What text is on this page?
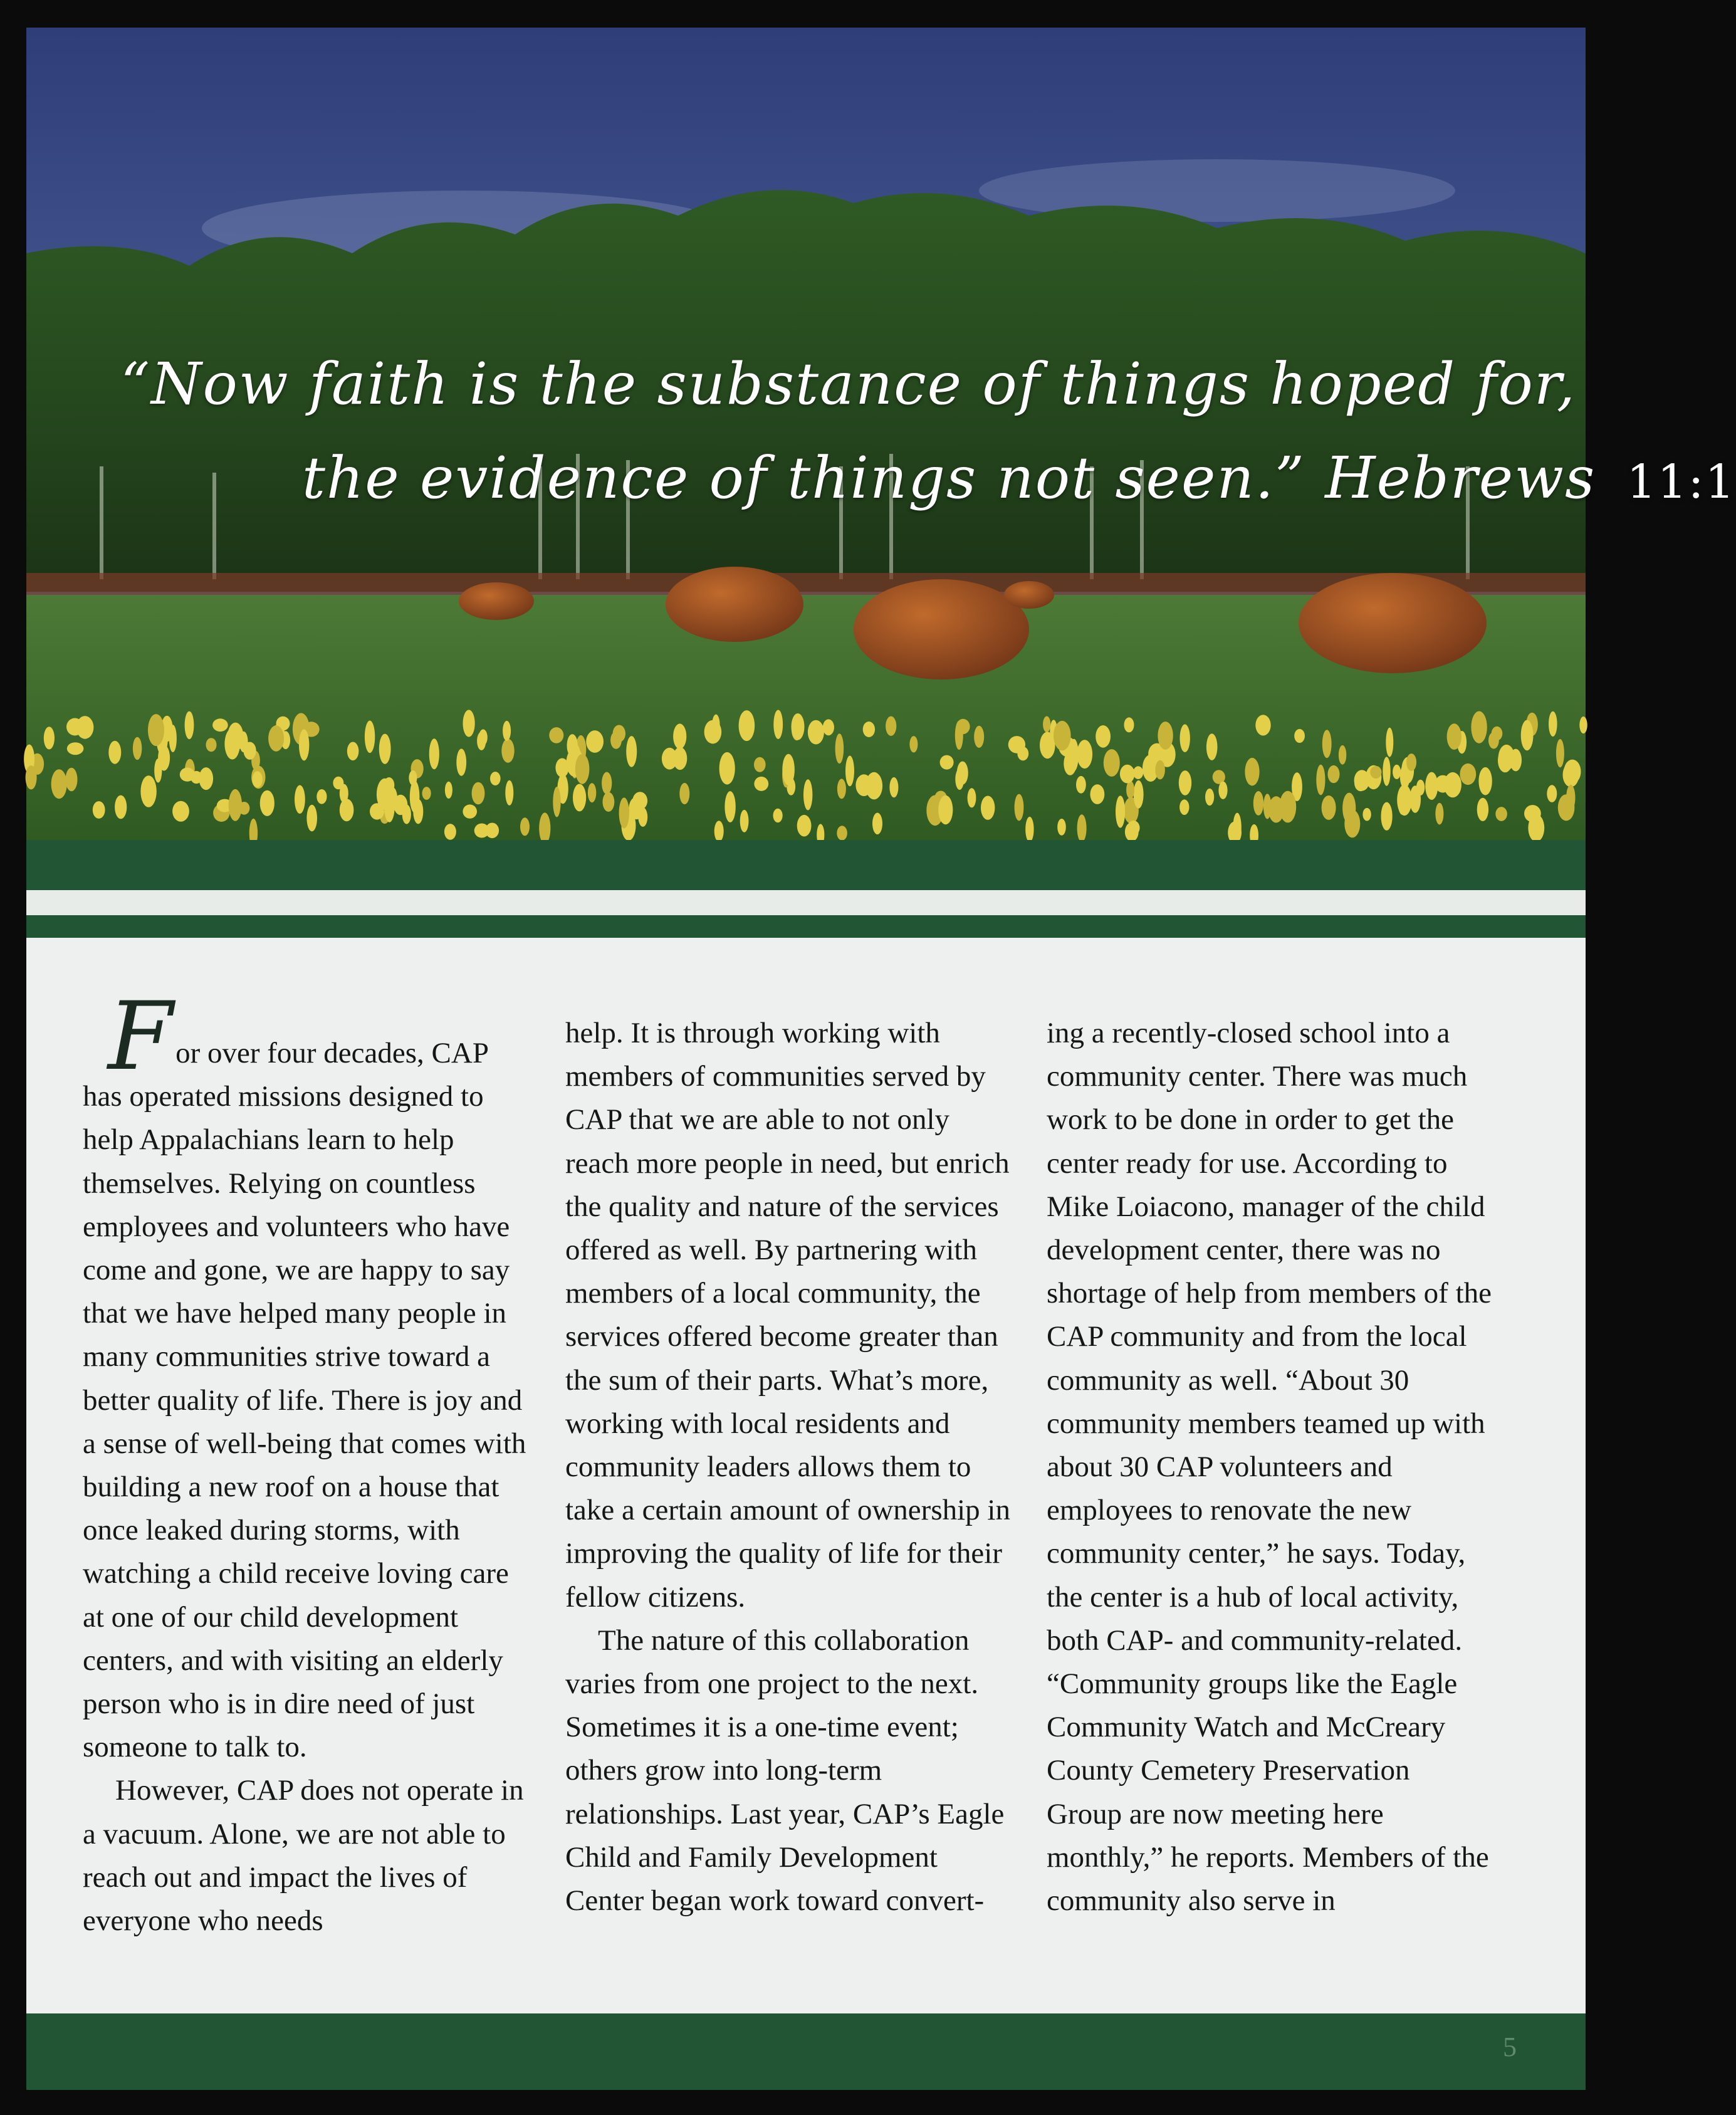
“Now faith is the substance of things hoped for,
the evidence of things not seen.” Hebrews 11:1

For over four decades, CAP has operated missions designed to help Appalachians learn to help themselves. Relying on countless employees and volunteers who have come and gone, we are happy to say that we have helped many people in many communities strive toward a better quality of life. There is joy and a sense of well-being that comes with building a new roof on a house that once leaked during storms, with watching a child receive loving care at one of our child development centers, and with visiting an elderly person who is in dire need of just someone to talk to.

However, CAP does not operate in a vacuum. Alone, we are not able to reach out and impact the lives of everyone who needs

help. It is through working with members of communities served by CAP that we are able to not only reach more people in need, but enrich the quality and nature of the services offered as well. By partnering with members of a local community, the services offered become greater than the sum of their parts. What’s more, working with local residents and community leaders allows them to take a certain amount of ownership in improving the quality of life for their fellow citizens.

The nature of this collaboration varies from one project to the next. Sometimes it is a one-time event; others grow into long-term relationships. Last year, CAP’s Eagle Child and Family Development Center began work toward convert-

ing a recently-closed school into a community center. There was much work to be done in order to get the center ready for use. According to Mike Loiacono, manager of the child development center, there was no shortage of help from members of the CAP community and from the local community as well. “About 30 community members teamed up with about 30 CAP volunteers and employees to renovate the new community center,” he says. Today, the center is a hub of local activity, both CAP- and community-related. “Community groups like the Eagle Community Watch and McCreary County Cemetery Preservation Group are now meeting here monthly,” he reports. Members of the community also serve in

5
